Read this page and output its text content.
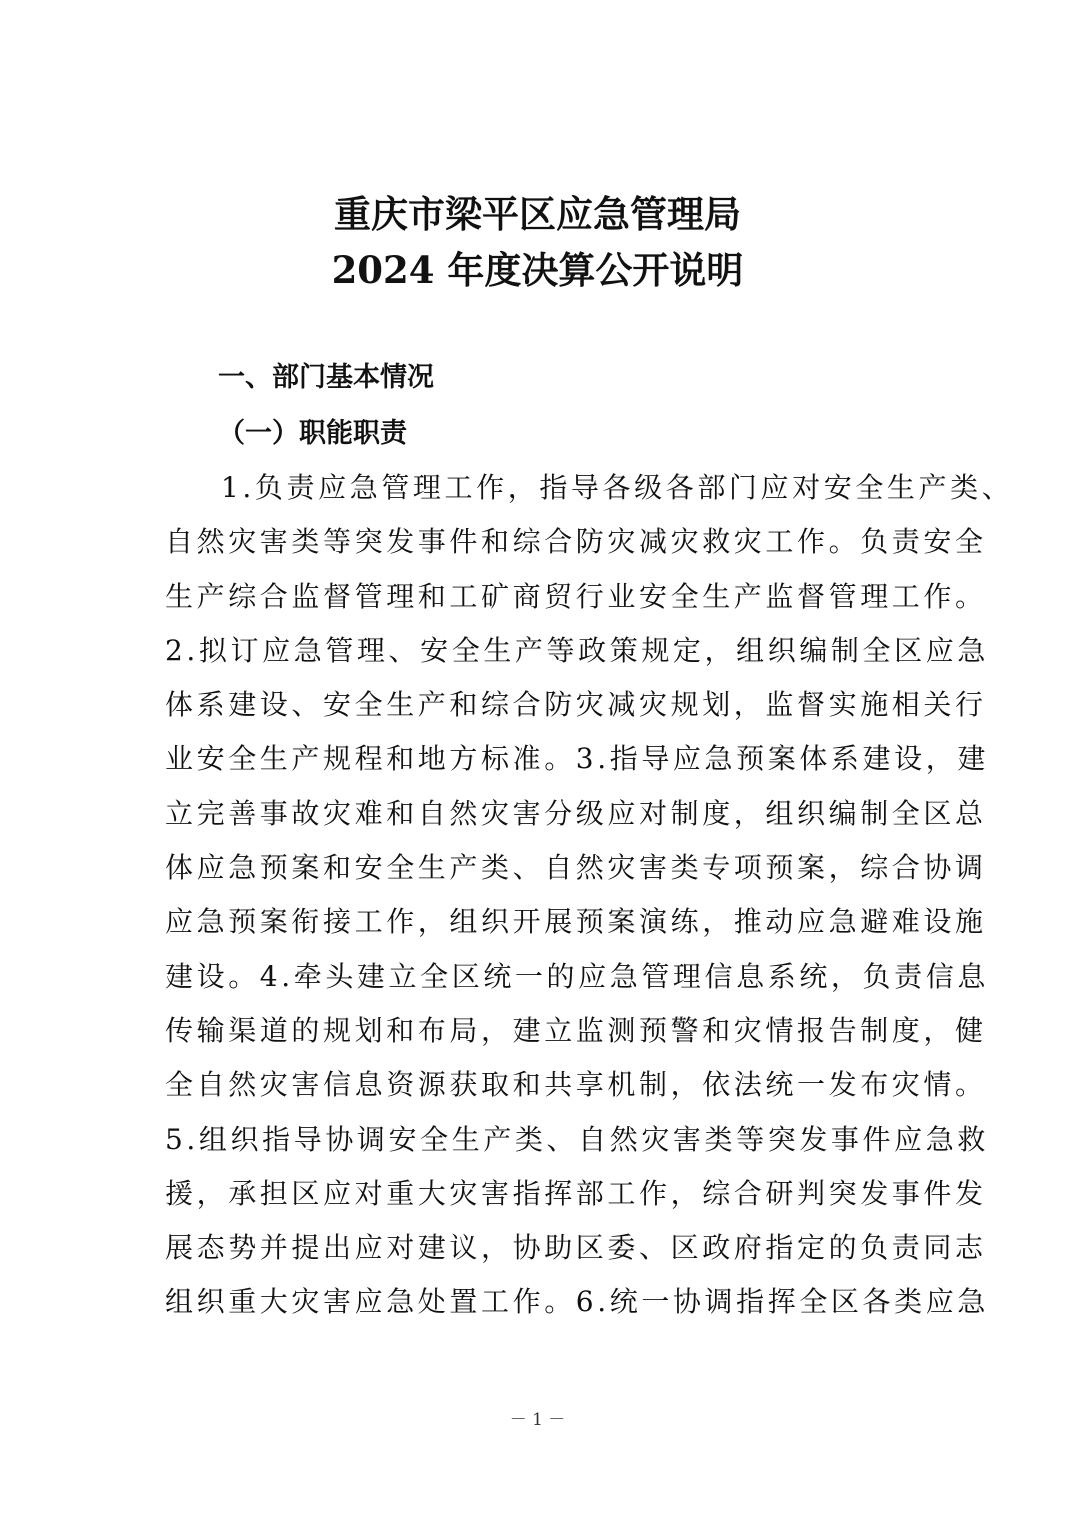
重庆市梁平区应急管理局
2024 年度决算公开说明
一、部门基本情况
（一）职能职责
1.负责应急管理工作，指导各级各部门应对安全生产类、
自然灾害类等突发事件和综合防灾减灾救灾工作。负责安全
生产综合监督管理和工矿商贸行业安全生产监督管理工作。
2.拟订应急管理、安全生产等政策规定，组织编制全区应急
体系建设、安全生产和综合防灾减灾规划，监督实施相关行
业安全生产规程和地方标准。3.指导应急预案体系建设，建
立完善事故灾难和自然灾害分级应对制度，组织编制全区总
体应急预案和安全生产类、自然灾害类专项预案，综合协调
应急预案衔接工作，组织开展预案演练，推动应急避难设施
建设。4.牵头建立全区统一的应急管理信息系统，负责信息
传输渠道的规划和布局，建立监测预警和灾情报告制度，健
全自然灾害信息资源获取和共享机制，依法统一发布灾情。
5.组织指导协调安全生产类、自然灾害类等突发事件应急救
援，承担区应对重大灾害指挥部工作，综合研判突发事件发
展态势并提出应对建议，协助区委、区政府指定的负责同志
组织重大灾害应急处置工作。6.统一协调指挥全区各类应急
－ 1 －
